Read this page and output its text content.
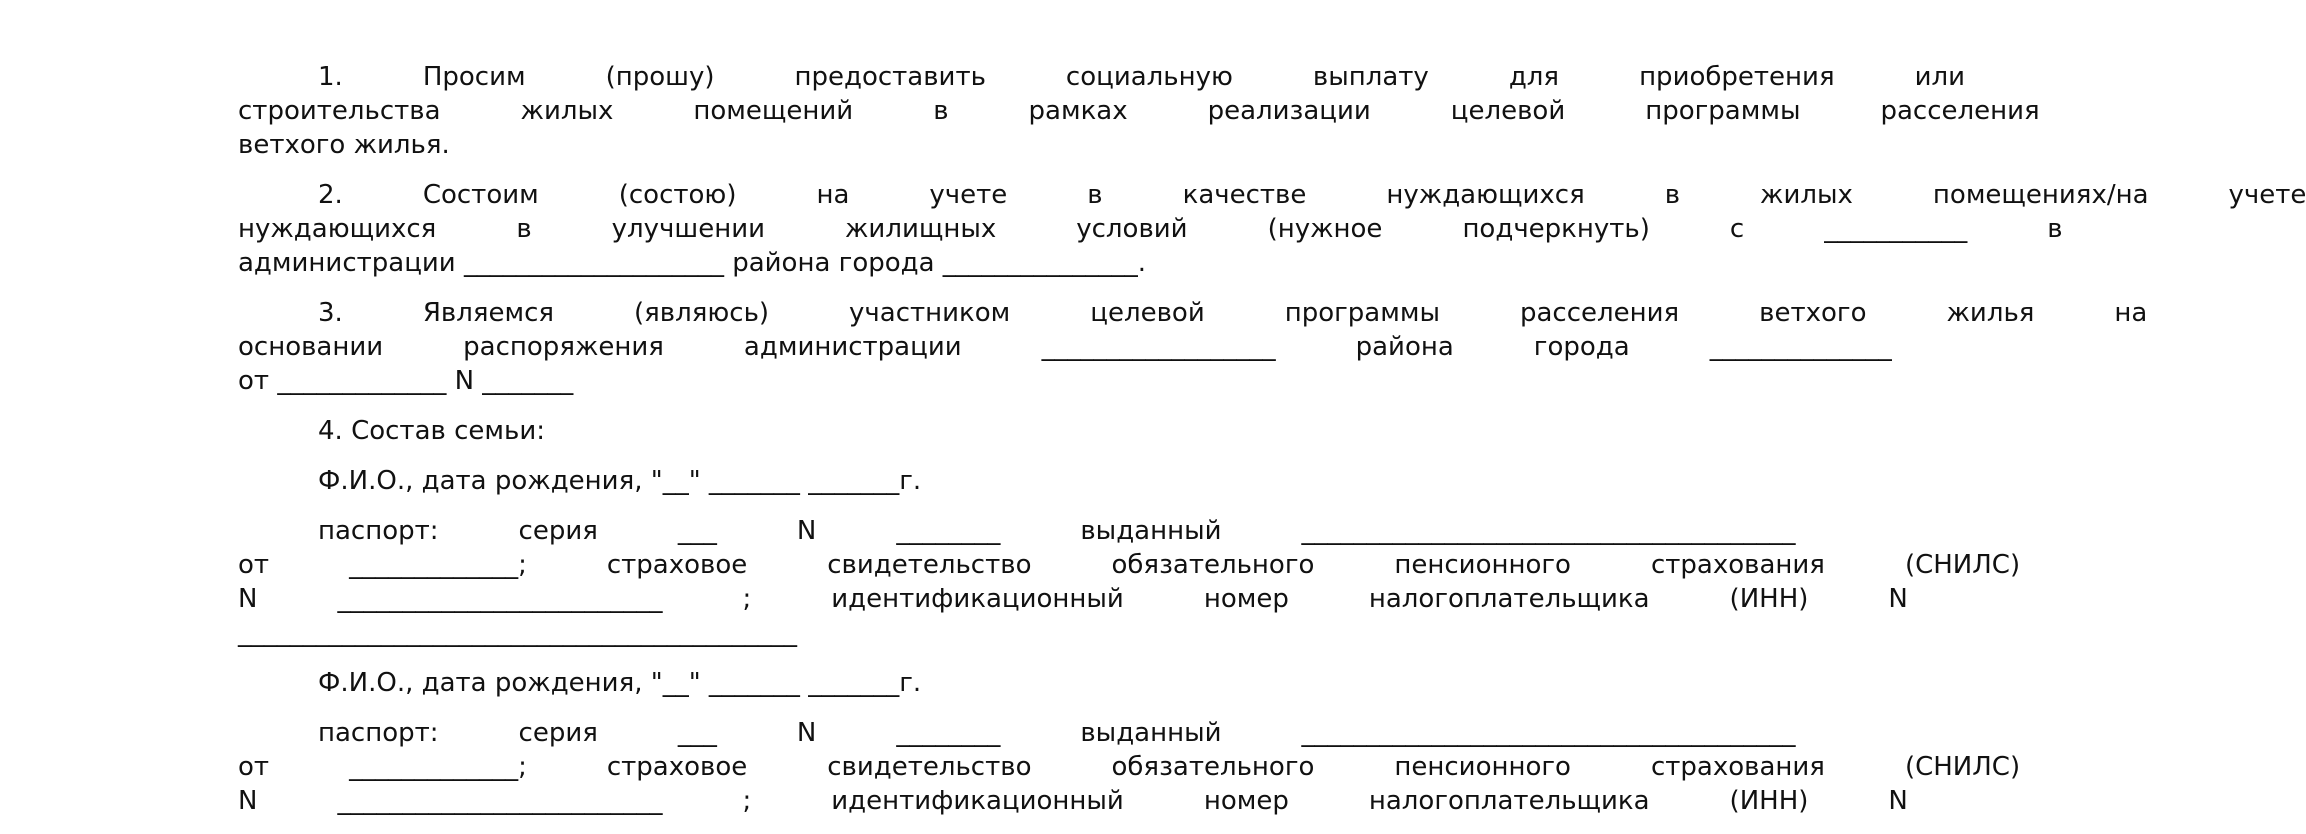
1.	Просим	(прошу)	предоставить	социальную	выплату	для	приобретения	или
строительства	жилых	помещений	в	рамках	реализации	целевой	программы	расселения
ветхого жилья.
2.	Состоим	(состою)	на	учете	в	качестве	нуждающихся	в	жилых	помещениях/на	учете
нуждающихся	в	улучшении	жилищных	условий	(нужное	подчеркнуть)	с	___________	в
администрации ____________________ района города _______________.
3.	Являемся	(являюсь)	участником	целевой	программы	расселения	ветхого	жилья	на
основании	распоряжения	администрации	__________________	района	города	______________
от _____________ N _______
4. Состав семьи:
Ф.И.О., дата рождения, "__" _______ _______г.
паспорт:	серия	___	N	________	выданный	______________________________________
от	_____________;	страховое	свидетельство	обязательного	пенсионного	страхования	(СНИЛС)
N	_________________________	;	идентификационный	номер	налогоплательщика	(ИНН)	N
___________________________________________
Ф.И.О., дата рождения, "__" _______ _______г.
паспорт:	серия	___	N	________	выданный	______________________________________
от	_____________;	страховое	свидетельство	обязательного	пенсионного	страхования	(СНИЛС)
N	_________________________	;	идентификационный	номер	налогоплательщика	(ИНН)	N
